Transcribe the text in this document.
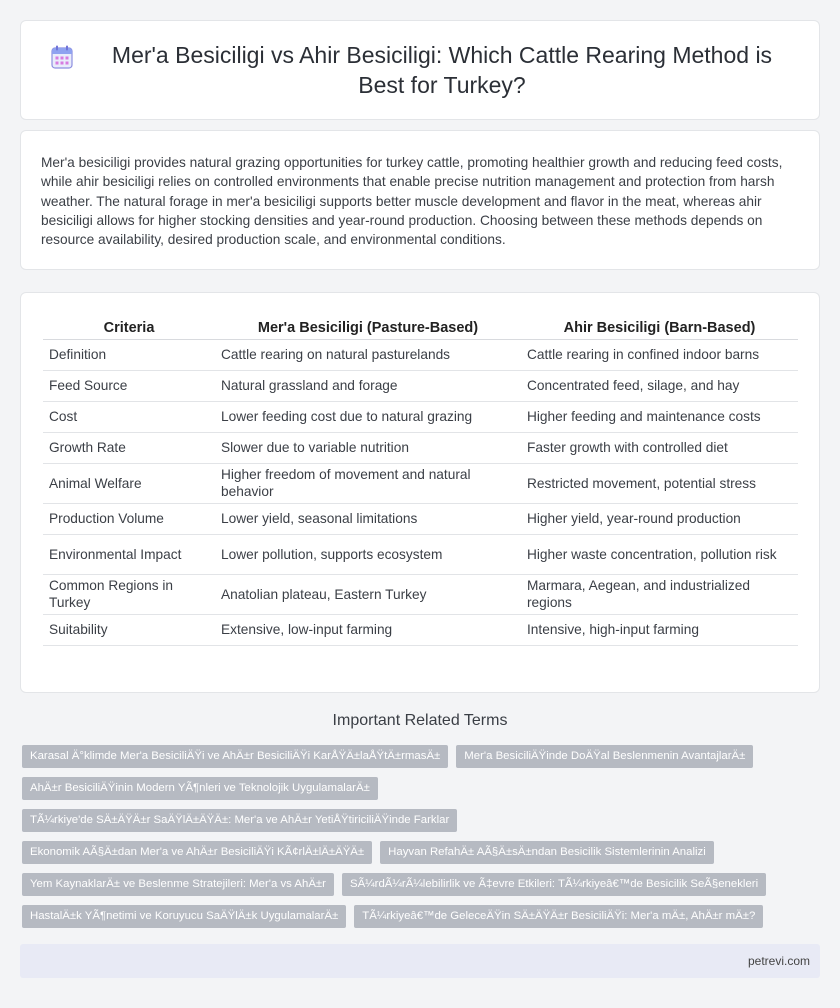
Mer'a Besiciligi vs Ahir Besiciligi: Which Cattle Rearing Method is Best for Turkey?

Mer'a besiciligi provides natural grazing opportunities for turkey cattle, promoting healthier growth and reducing feed costs, while ahir besiciligi relies on controlled environments that enable precise nutrition management and protection from harsh weather. The natural forage in mer'a besiciligi supports better muscle development and flavor in the meat, whereas ahir besiciligi allows for higher stocking densities and year-round production. Choosing between these methods depends on resource availability, desired production scale, and environmental conditions.

Criteria	Mer'a Besiciligi (Pasture-Based)	Ahir Besiciligi (Barn-Based)
Definition	Cattle rearing on natural pasturelands	Cattle rearing in confined indoor barns
Feed Source	Natural grassland and forage	Concentrated feed, silage, and hay
Cost	Lower feeding cost due to natural grazing	Higher feeding and maintenance costs
Growth Rate	Slower due to variable nutrition	Faster growth with controlled diet
Animal Welfare	Higher freedom of movement and natural behavior	Restricted movement, potential stress
Production Volume	Lower yield, seasonal limitations	Higher yield, year-round production
Environmental Impact	Lower pollution, supports ecosystem	Higher waste concentration, pollution risk
Common Regions in Turkey	Anatolian plateau, Eastern Turkey	Marmara, Aegean, and industrialized regions
Suitability	Extensive, low-input farming	Intensive, high-input farming
Important Related Terms
Karasal Ä°klimde Mer'a BesiciliÄŸi ve AhÄ±r BesiciliÄŸi KarÅŸÄ±laÅŸtÄ±rmasÄ±	Mer'a BesiciliÄŸinde DoÄŸal Beslenmenin AvantajlarÄ±
AhÄ±r BesiciliÄŸinin Modern YÃ¶nleri ve Teknolojik UygulamalarÄ±
TÃ¼rkiye'de SÄ±ÄŸÄ±r SaÄŸlÄ±ÄŸÄ±: Mer'a ve AhÄ±r YetiÅŸtiriciliÄŸinde Farklar
Ekonomik AÃ§Ä±dan Mer'a ve AhÄ±r BesiciliÄŸi KÃ¢rlÄ±lÄ±ÄŸÄ±	Hayvan RefahÄ± AÃ§Ä±sÄ±ndan Besicilik Sistemlerinin Analizi
Yem KaynaklarÄ± ve Beslenme Stratejileri: Mer'a vs AhÄ±r	SÃ¼rdÃ¼rÃ¼lebilirlik ve Ã‡evre Etkileri: TÃ¼rkiyeâ€™de Besicilik SeÃ§enekleri
HastalÄ±k YÃ¶netimi ve Koruyucu SaÄŸlÄ±k UygulamalarÄ±	TÃ¼rkiyeâ€™de GeleceÄŸin SÄ±ÄŸÄ±r BesiciliÄŸi: Mer'a mÄ±, AhÄ±r mÄ±?
petrevi.com
